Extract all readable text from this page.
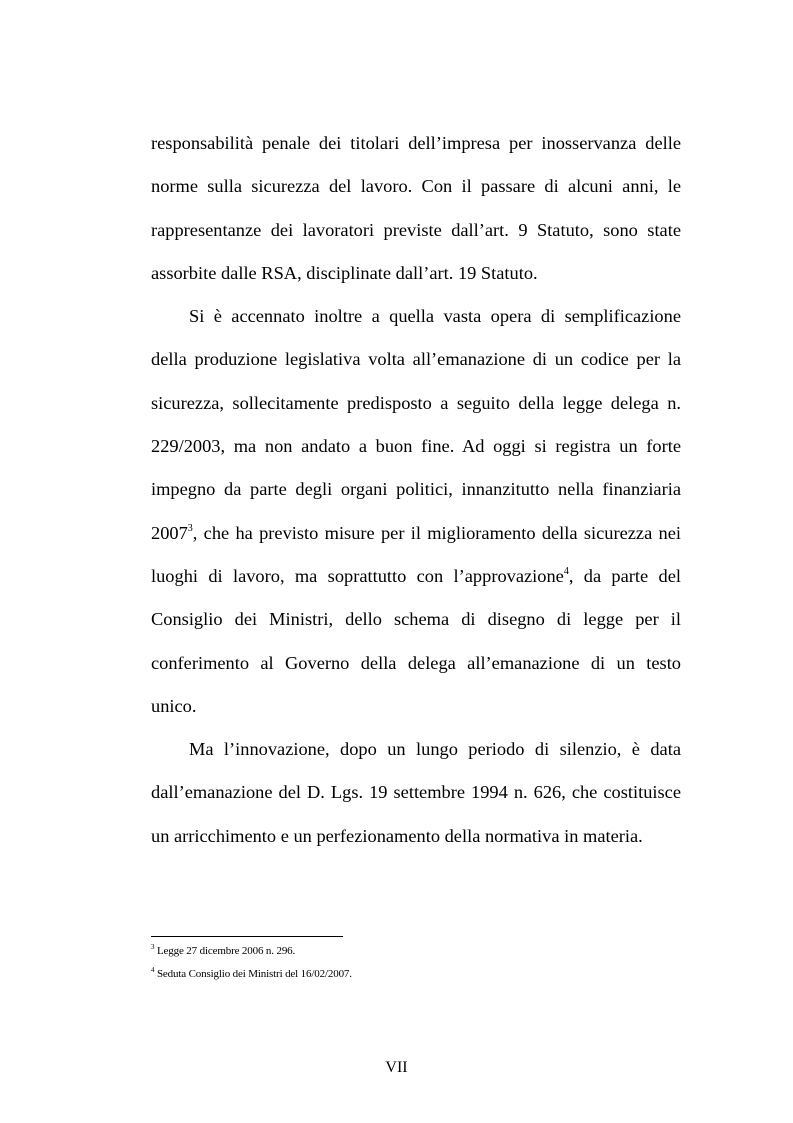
responsabilità penale dei titolari dell’impresa per inosservanza delle
norme sulla sicurezza del lavoro. Con il passare di alcuni anni, le
rappresentanze dei lavoratori previste dall’art. 9 Statuto, sono state
assorbite dalle RSA, disciplinate dall’art. 19 Statuto.
Si è accennato inoltre a quella vasta opera di semplificazione
della produzione legislativa volta all’emanazione di un codice per la
sicurezza, sollecitamente predisposto a seguito della legge delega n.
229/2003, ma non andato a buon fine. Ad oggi si registra un forte
impegno da parte degli organi politici, innanzitutto nella finanziaria
2007$^3$, che ha previsto misure per il miglioramento della sicurezza nei
luoghi di lavoro, ma soprattutto con l’approvazione$^4$, da parte del
Consiglio dei Ministri, dello schema di disegno di legge per il
conferimento al Governo della delega all’emanazione di un testo
unico.
Ma l’innovazione, dopo un lungo periodo di silenzio, è data
dall’emanazione del D. Lgs. 19 settembre 1994 n. 626, che costituisce
un arricchimento e un perfezionamento della normativa in materia.
$^3$ Legge 27 dicembre 2006 n. 296.
$^4$ Seduta Consiglio dei Ministri del 16/02/2007.
VII
